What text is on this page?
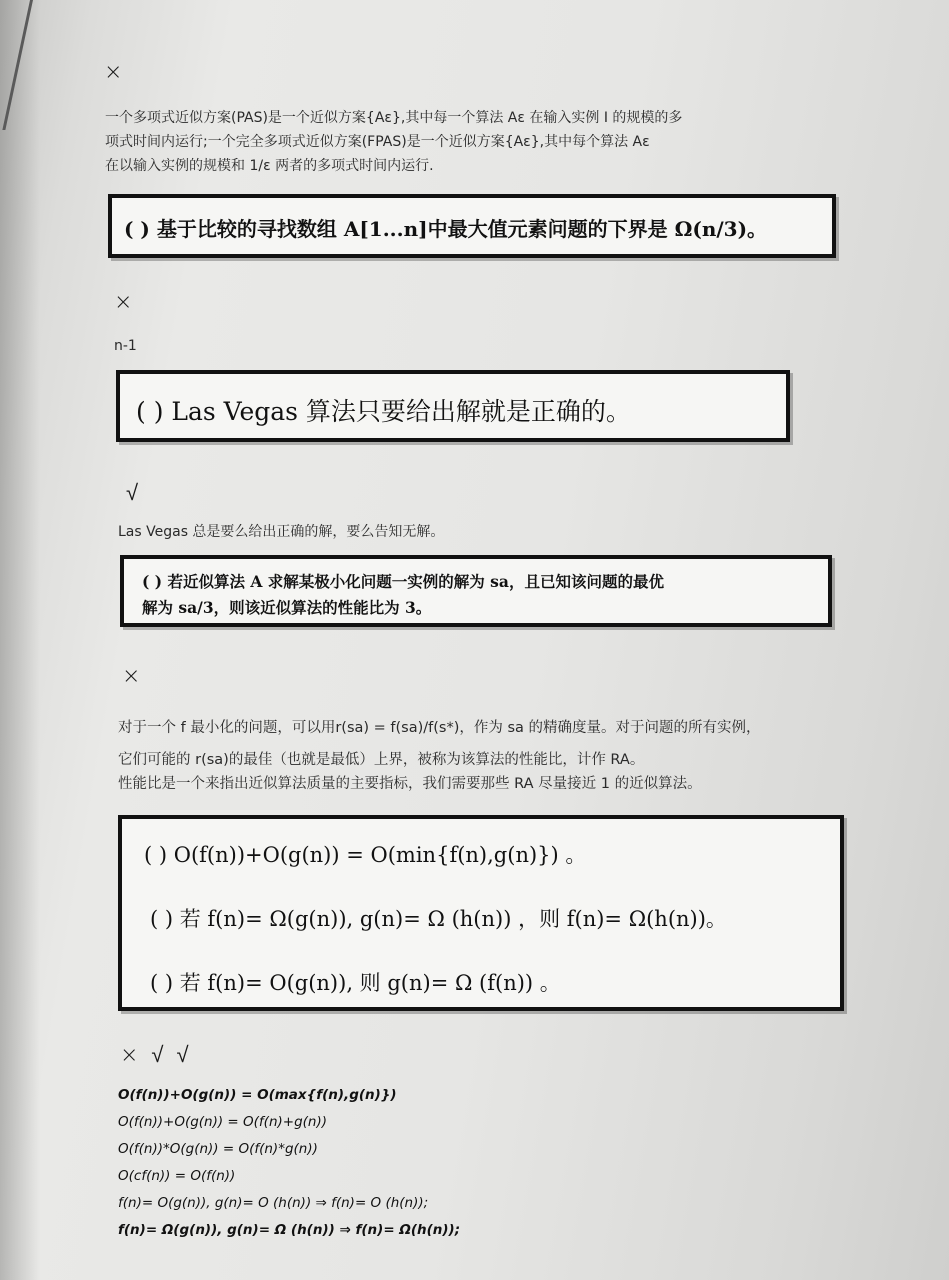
×
一个多项式近似方案(PAS)是一个近似方案{Aε},其中每一个算法 Aε 在输入实例 I 的规模的多
项式时间内运行;一个完全多项式近似方案(FPAS)是一个近似方案{Aε},其中每个算法 Aε
在以输入实例的规模和 1/ε 两者的多项式时间内运行.
( ) 基于比较的寻找数组 A[1...n]中最大值元素问题的下界是 Ω(n/3)。
×
n-1
( ) Las Vegas 算法只要给出解就是正确的。
√
Las Vegas 总是要么给出正确的解，要么告知无解。
( ) 若近似算法 A 求解某极小化问题一实例的解为 sa，且已知该问题的最优
解为 sa/3，则该近似算法的性能比为 3。
×
对于一个 f 最小化的问题，可以用r(sa) = f(sa)/f(s*)，作为 sa 的精确度量。对于问题的所有实例，
它们可能的 r(sa)的最佳（也就是最低）上界，被称为该算法的性能比，计作 RA。
性能比是一个来指出近似算法质量的主要指标，我们需要那些 RA 尽量接近 1 的近似算法。
( ) O(f(n))+O(g(n)) = O(min{f(n),g(n)}) 。
( ) 若 f(n)= Ω(g(n)), g(n)= Ω (h(n)) ，则 f(n)= Ω(h(n))。
( ) 若 f(n)= O(g(n)), 则 g(n)= Ω (f(n)) 。
× √ √
O(f(n))+O(g(n)) = O(max{f(n),g(n)})
O(f(n))+O(g(n)) = O(f(n)+g(n))
O(f(n))*O(g(n)) = O(f(n)*g(n))
O(cf(n)) = O(f(n))
f(n)= O(g(n)), g(n)= O (h(n)) ⇒ f(n)= O (h(n));
f(n)= Ω(g(n)), g(n)= Ω (h(n)) ⇒ f(n)= Ω(h(n));
